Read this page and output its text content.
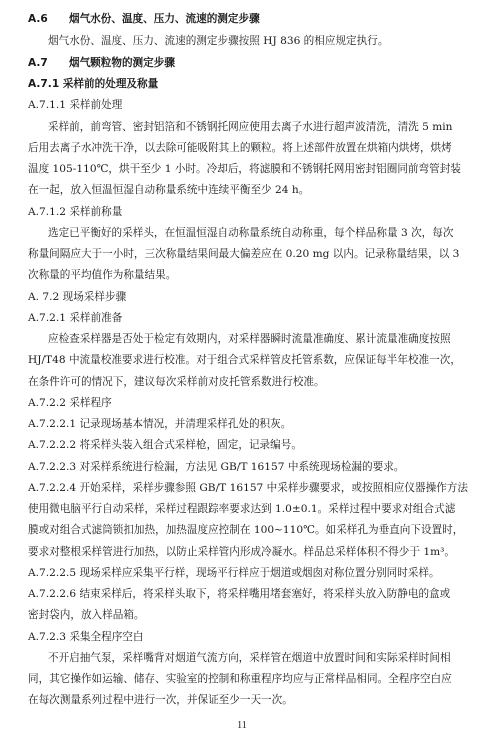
A.6　　烟气水份、温度、压力、流速的测定步骤
烟气水份、温度、压力、流速的测定步骤按照 HJ 836 的相应规定执行。
A.7　　烟气颗粒物的测定步骤
A.7.1 采样前的处理及称量
A.7.1.1 采样前处理
采样前，前弯管、密封铝箔和不锈钢托网应使用去离子水进行超声波清洗，清洗 5 min
后用去离子水冲洗干净，以去除可能吸附其上的颗粒。将上述部件放置在烘箱内烘烤，烘烤
温度 105-110℃，烘干至少 1 小时。冷却后，将滤膜和不锈钢托网用密封铝圈同前弯管封装
在一起，放入恒温恒湿自动称量系统中连续平衡至少 24 h。
A.7.1.2 采样前称量
选定已平衡好的采样头，在恒温恒湿自动称量系统自动称重，每个样品称量 3 次，每次
称量间隔应大于一小时，三次称量结果间最大偏差应在 0.20 mg 以内。记录称量结果，以 3
次称量的平均值作为称量结果。
A. 7.2 现场采样步骤
A.7.2.1 采样前准备
应检查采样器是否处于检定有效期内，对采样器瞬时流量准确度、累计流量准确度按照
HJ/T48 中流量校准要求进行校准。对于组合式采样管皮托管系数，应保证每半年校准一次，
在条件许可的情况下，建议每次采样前对皮托管系数进行校准。
A.7.2.2 采样程序
A.7.2.2.1 记录现场基本情况，并清理采样孔处的积灰。
A.7.2.2.2 将采样头装入组合式采样枪，固定，记录编号。
A.7.2.2.3 对采样系统进行检漏，方法见 GB/T 16157 中系统现场检漏的要求。
A.7.2.2.4 开始采样，采样步骤参照 GB/T 16157 中采样步骤要求，或按照相应仪器操作方法
使用微电脑平行自动采样，采样过程跟踪率要求达到 1.0±0.1。采样过程中要求对组合式滤
膜或对组合式滤筒锁扣加热，加热温度应控制在 100~110℃。如采样孔为垂直向下设置时，
要求对整根采样管进行加热，以防止采样管内形成冷凝水。样品总采样体积不得少于 1m³。
A.7.2.2.5 现场采样应采集平行样，现场平行样应于烟道或烟囱对称位置分别同时采样。
A.7.2.2.6 结束采样后，将采样头取下，将采样嘴用堵套塞好，将采样头放入防静电的盒或
密封袋内，放入样品箱。
A.7.2.3 采集全程序空白
不开启抽气泵，采样嘴背对烟道气流方向，采样管在烟道中放置时间和实际采样时间相
同，其它操作如运输、储存、实验室的控制和称重程序均应与正常样品相同。全程序空白应
在每次测量系列过程中进行一次，并保证至少一天一次。
11
